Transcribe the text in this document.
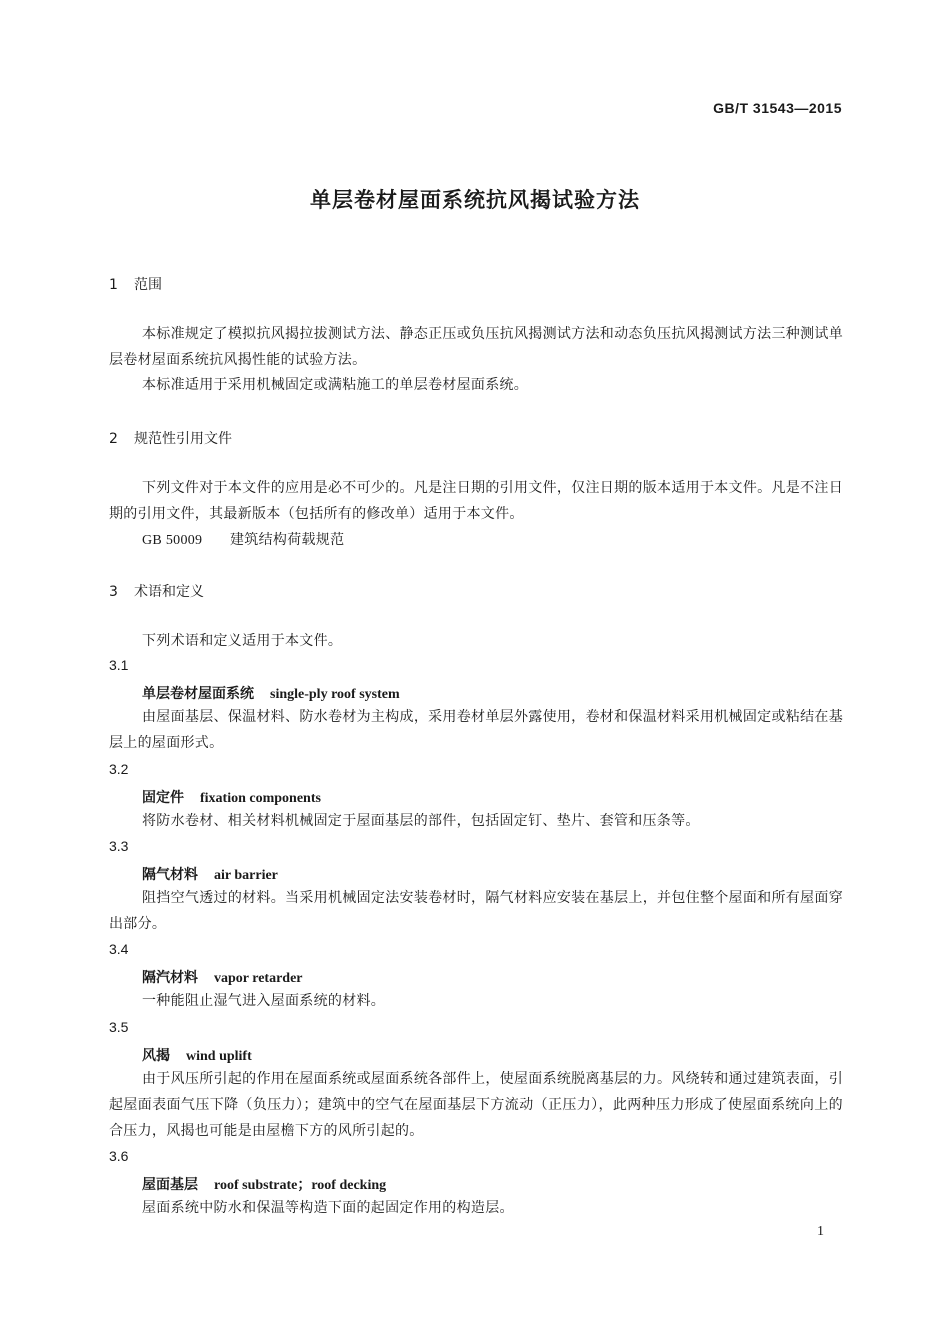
GB/T 31543—2015
单层卷材屋面系统抗风揭试验方法
1 范围
本标准规定了模拟抗风揭拉拔测试方法、静态正压或负压抗风揭测试方法和动态负压抗风揭测试方法三种测试单层卷材屋面系统抗风揭性能的试验方法。
本标准适用于采用机械固定或满粘施工的单层卷材屋面系统。
2 规范性引用文件
下列文件对于本文件的应用是必不可少的。凡是注日期的引用文件，仅注日期的版本适用于本文件。凡是不注日期的引用文件，其最新版本（包括所有的修改单）适用于本文件。
GB 50009 建筑结构荷载规范
3 术语和定义
下列术语和定义适用于本文件。
3.1
单层卷材屋面系统 single-ply roof system
由屋面基层、保温材料、防水卷材为主构成，采用卷材单层外露使用，卷材和保温材料采用机械固定或粘结在基层上的屋面形式。
3.2
固定件 fixation components
将防水卷材、相关材料机械固定于屋面基层的部件，包括固定钉、垫片、套管和压条等。
3.3
隔气材料 air barrier
阻挡空气透过的材料。当采用机械固定法安装卷材时，隔气材料应安装在基层上，并包住整个屋面和所有屋面穿出部分。
3.4
隔汽材料 vapor retarder
一种能阻止湿气进入屋面系统的材料。
3.5
风揭 wind uplift
由于风压所引起的作用在屋面系统或屋面系统各部件上，使屋面系统脱离基层的力。风绕转和通过建筑表面，引起屋面表面气压下降（负压力）；建筑中的空气在屋面基层下方流动（正压力），此两种压力形成了使屋面系统向上的合压力，风揭也可能是由屋檐下方的风所引起的。
3.6
屋面基层 roof substrate；roof decking
屋面系统中防水和保温等构造下面的起固定作用的构造层。
1
